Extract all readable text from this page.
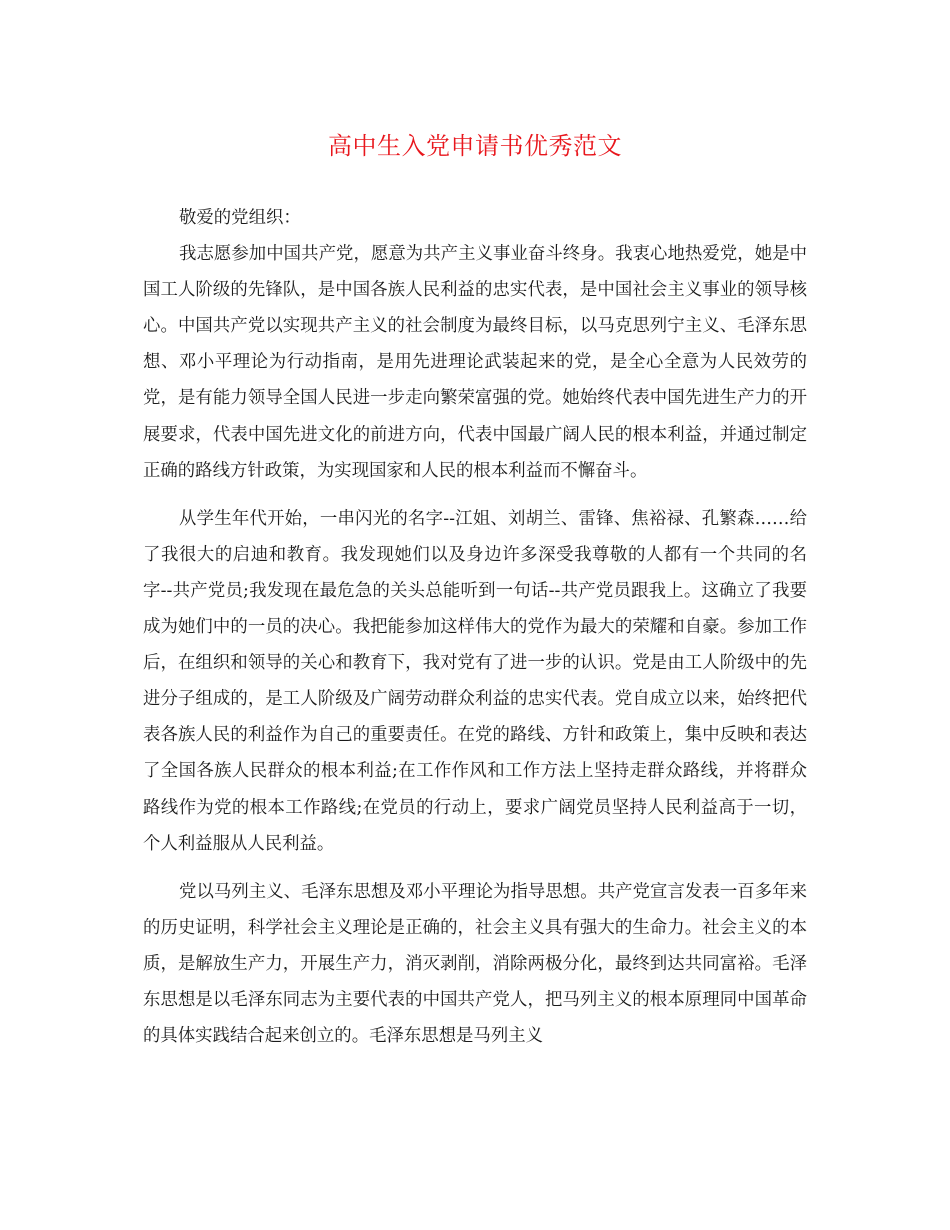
高中生入党申请书优秀范文

敬爱的党组织：

我志愿参加中国共产党，愿意为共产主义事业奋斗终身。我衷心地热爱党，她是中国工人阶级的先锋队，是中国各族人民利益的忠实代表，是中国社会主义事业的领导核心。中国共产党以实现共产主义的社会制度为最终目标，以马克思列宁主义、毛泽东思想、邓小平理论为行动指南，是用先进理论武装起来的党，是全心全意为人民效劳的党，是有能力领导全国人民进一步走向繁荣富强的党。她始终代表中国先进生产力的开展要求，代表中国先进文化的前进方向，代表中国最广阔人民的根本利益，并通过制定正确的路线方针政策，为实现国家和人民的根本利益而不懈奋斗。

从学生年代开始，一串闪光的名字--江姐、刘胡兰、雷锋、焦裕禄、孔繁森……给了我很大的启迪和教育。我发现她们以及身边许多深受我尊敬的人都有一个共同的名字--共产党员;我发现在最危急的关头总能听到一句话--共产党员跟我上。这确立了我要成为她们中的一员的决心。我把能参加这样伟大的党作为最大的荣耀和自豪。参加工作后，在组织和领导的关心和教育下，我对党有了进一步的认识。党是由工人阶级中的先进分子组成的，是工人阶级及广阔劳动群众利益的忠实代表。党自成立以来，始终把代表各族人民的利益作为自己的重要责任。在党的路线、方针和政策上，集中反映和表达了全国各族人民群众的根本利益;在工作作风和工作方法上坚持走群众路线，并将群众路线作为党的根本工作路线;在党员的行动上，要求广阔党员坚持人民利益高于一切，个人利益服从人民利益。

党以马列主义、毛泽东思想及邓小平理论为指导思想。共产党宣言发表一百多年来的历史证明，科学社会主义理论是正确的，社会主义具有强大的生命力。社会主义的本质，是解放生产力，开展生产力，消灭剥削，消除两极分化，最终到达共同富裕。毛泽东思想是以毛泽东同志为主要代表的中国共产党人，把马列主义的根本原理同中国革命的具体实践结合起来创立的。毛泽东思想是马列主义
